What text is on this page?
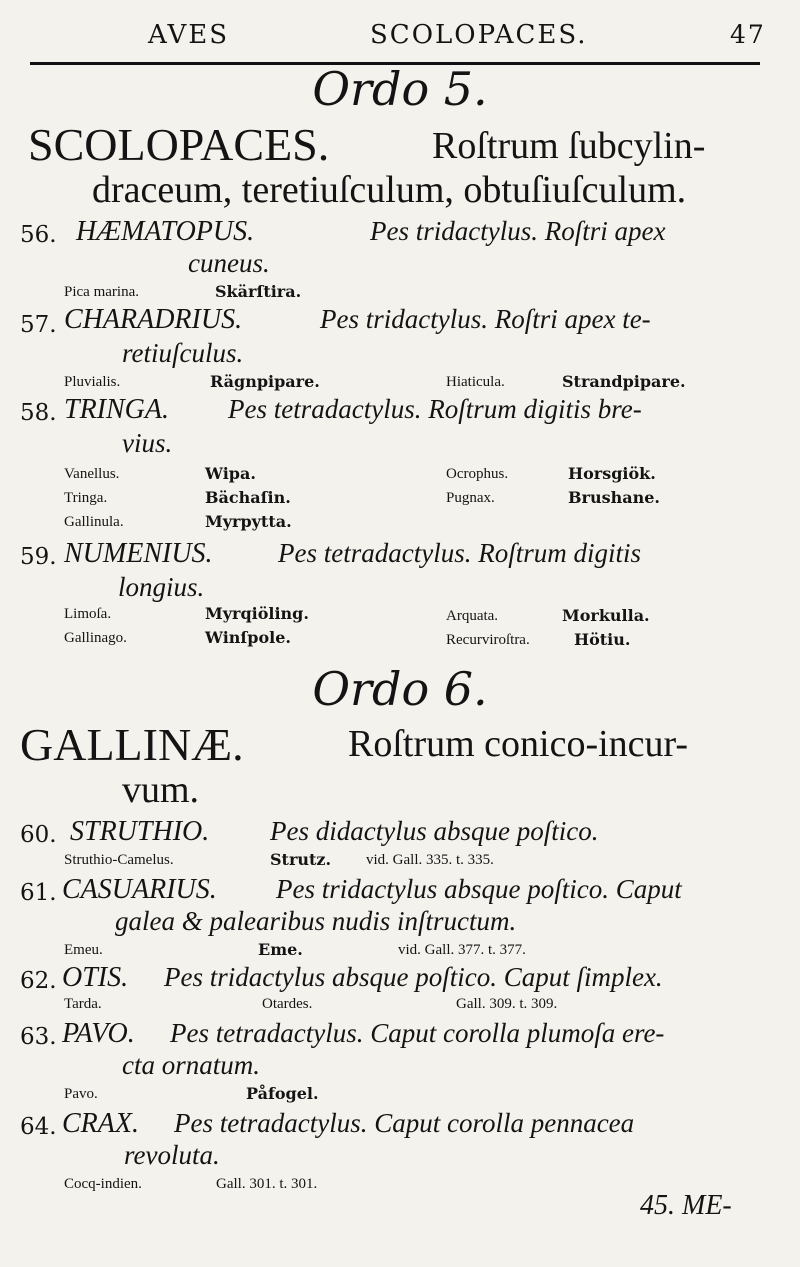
AVES	SCOLOPACES.	47
Ordo 5.
SCOLOPACES.	Roſtrum ſubcylin-
draceum, teretiuſculum, obtuſiuſculum.
56. HÆMATOPUS.	Pes tridactylus. Roſtri apex
cuneus.
Pica marina.	Skärſtira.
57. CHARADRIUS.	Pes tridactylus. Roſtri apex te-
retiuſculus.
Pluvialis.	Rägnpipare.	Hiaticula.	Strandpipare.
58. TRINGA. Pes tetradactylus. Roſtrum digitis bre-
vius.
Vanellus.	Wipa.	Ocrophus.	Horsgiök.
Tringa.	Bächaſin.	Pugnax.	Brushane.
Gallinula.	Myrpytta.
59. NUMENIUS. Pes tetradactylus. Roſtrum digitis
longius.
Limoſa.	Myrqiöling.	Arquata.	Morkulla.
Gallinago.	Winſpole.	Recurviroſtra.	Hötiu.
Ordo 6.
GALLINÆ.	Roſtrum conico-incur-
vum.
60. STRUTHIO. Pes didactylus absque poſtico.
Struthio-Camelus.	Strutz. vid. Gall. 335. t. 335.
61. CASUARIUS. Pes tridactylus absque poſtico. Caput
galea & palearibus nudis inſtructum.
Emeu.	Eme.	vid. Gall. 377. t. 377.
62. OTIS. Pes tridactylus absque poſtico. Caput ſimplex.
Tarda.	Otardes.	Gall. 309. t. 309.
63. PAVO. Pes tetradactylus. Caput corolla plumoſa ere-
cta ornatum.
Pavo.	Påfogel.
64. CRAX. Pes tetradactylus. Caput corolla pennacea
revoluta.
Cocq-indien.	Gall. 301. t. 301.
45. ME-
